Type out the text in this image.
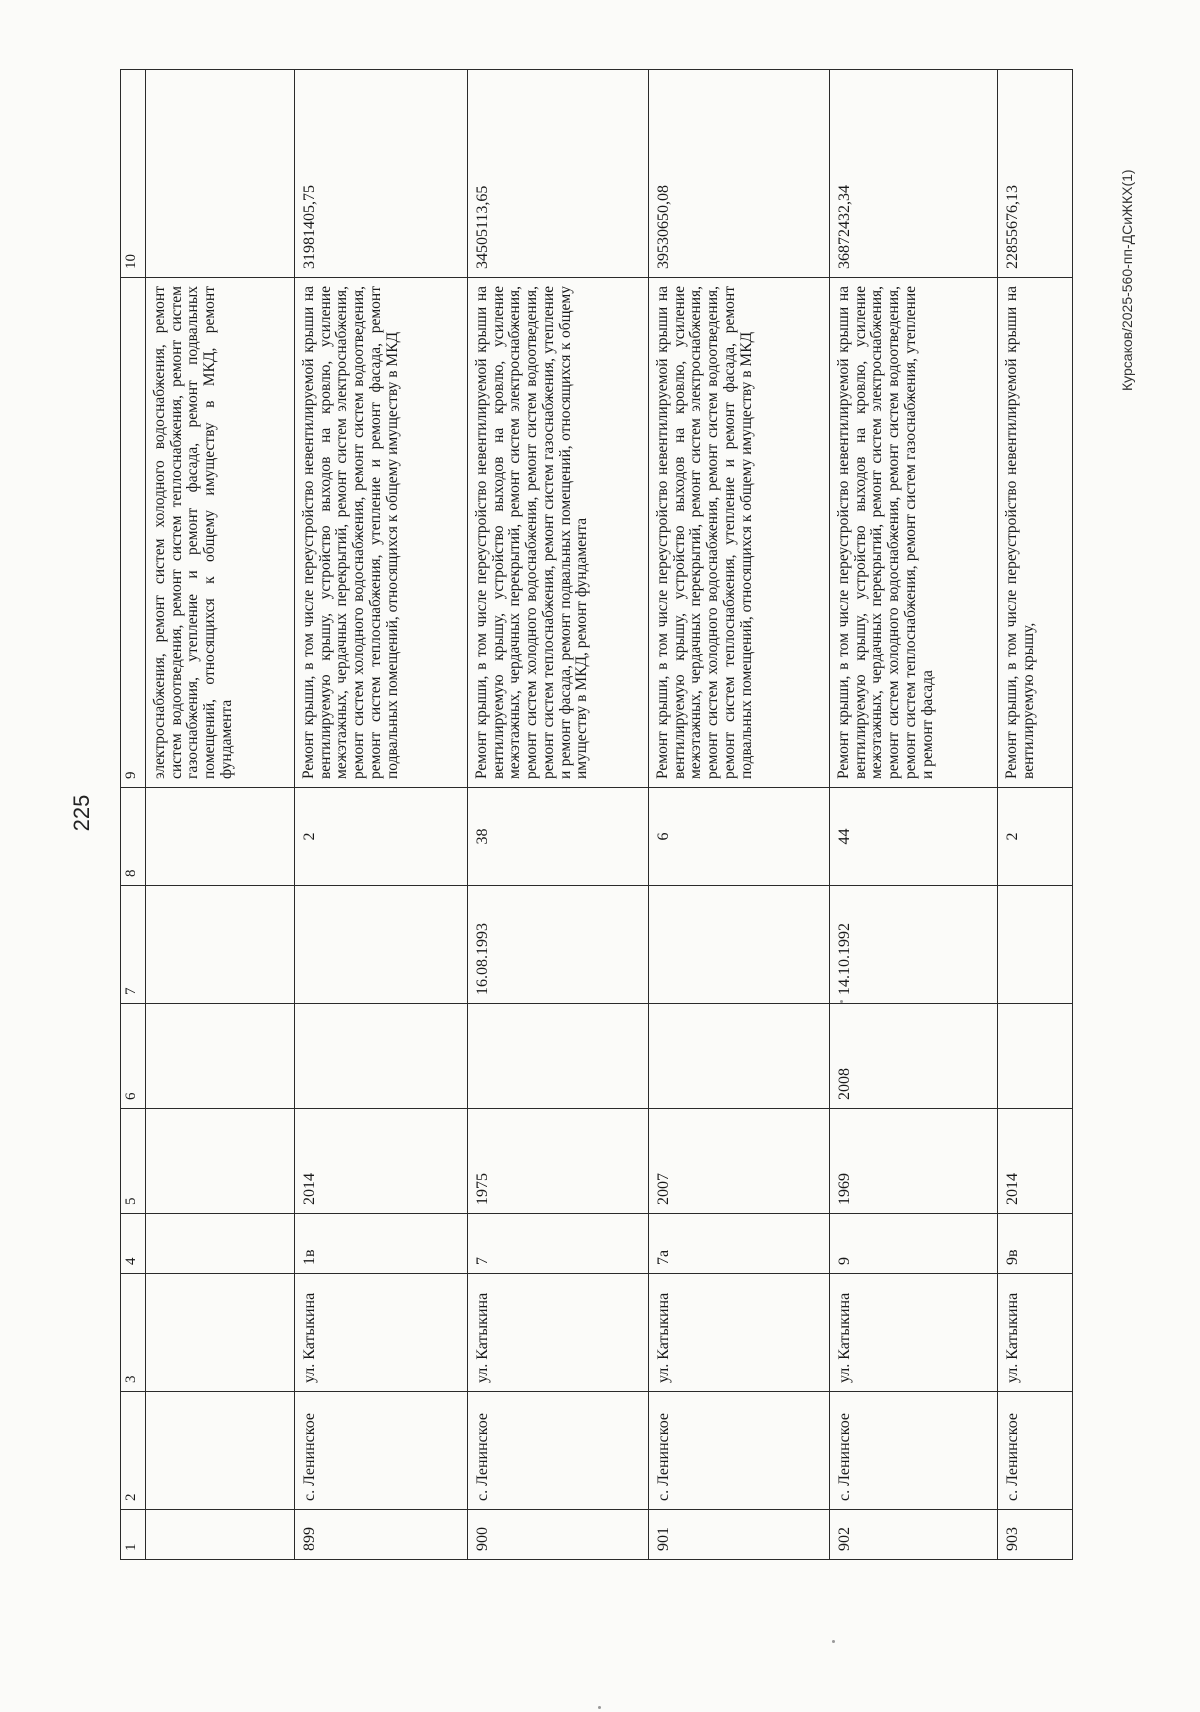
225
Курсаков/2025-560-пп-ДСиЖКХ(1)
1	2	3	4	5	6	7	8	9	10
								электроснабжения, ремонт систем холодного водоснабжения, ремонт систем водоотведения, ремонт систем теплоснабжения, ремонт систем газоснабжения, утепление и ремонт фасада, ремонт подвальных помещений, относящихся к общему имуществу в МКД, ремонт фундамента	
899	с. Ленинское	ул. Катыкина	1в	2014			2	Ремонт крыши, в том числе переустройство невентилируемой крыши на вентилируемую крышу, устройство выходов на кровлю, усиление межэтажных, чердачных перекрытий, ремонт систем электроснабжения, ремонт систем холодного водоснабжения, ремонт систем водоотведения, ремонт систем теплоснабжения, утепление и ремонт фасада, ремонт подвальных помещений, относящихся к общему имуществу в МКД	31981405,75
900	с. Ленинское	ул. Катыкина	7	1975		16.08.1993	38	Ремонт крыши, в том числе переустройство невентилируемой крыши на вентилируемую крышу, устройство выходов на кровлю, усиление межэтажных, чердачных перекрытий, ремонт систем электроснабжения, ремонт систем холодного водоснабжения, ремонт систем водоотведения, ремонт систем теплоснабжения, ремонт систем газоснабжения, утепление и ремонт фасада, ремонт подвальных помещений, относящихся к общему имуществу в МКД, ремонт фундамента	34505113,65
901	с. Ленинское	ул. Катыкина	7а	2007			6	Ремонт крыши, в том числе переустройство невентилируемой крыши на вентилируемую крышу, устройство выходов на кровлю, усиление межэтажных, чердачных перекрытий, ремонт систем электроснабжения, ремонт систем холодного водоснабжения, ремонт систем водоотведения, ремонт систем теплоснабжения, утепление и ремонт фасада, ремонт подвальных помещений, относящихся к общему имуществу в МКД	39530650,08
902	с. Ленинское	ул. Катыкина	9	1969	2008	14.10.1992	44	Ремонт крыши, в том числе переустройство невентилируемой крыши на вентилируемую крышу, устройство выходов на кровлю, усиление межэтажных, чердачных перекрытий, ремонт систем электроснабжения, ремонт систем холодного водоснабжения, ремонт систем водоотведения, ремонт систем теплоснабжения, ремонт систем газоснабжения, утепление и ремонт фасада	36872432,34
903	с. Ленинское	ул. Катыкина	9в	2014			2	Ремонт крыши, в том числе переустройство невентилируемой крыши на вентилируемую крышу,	22855676,13
